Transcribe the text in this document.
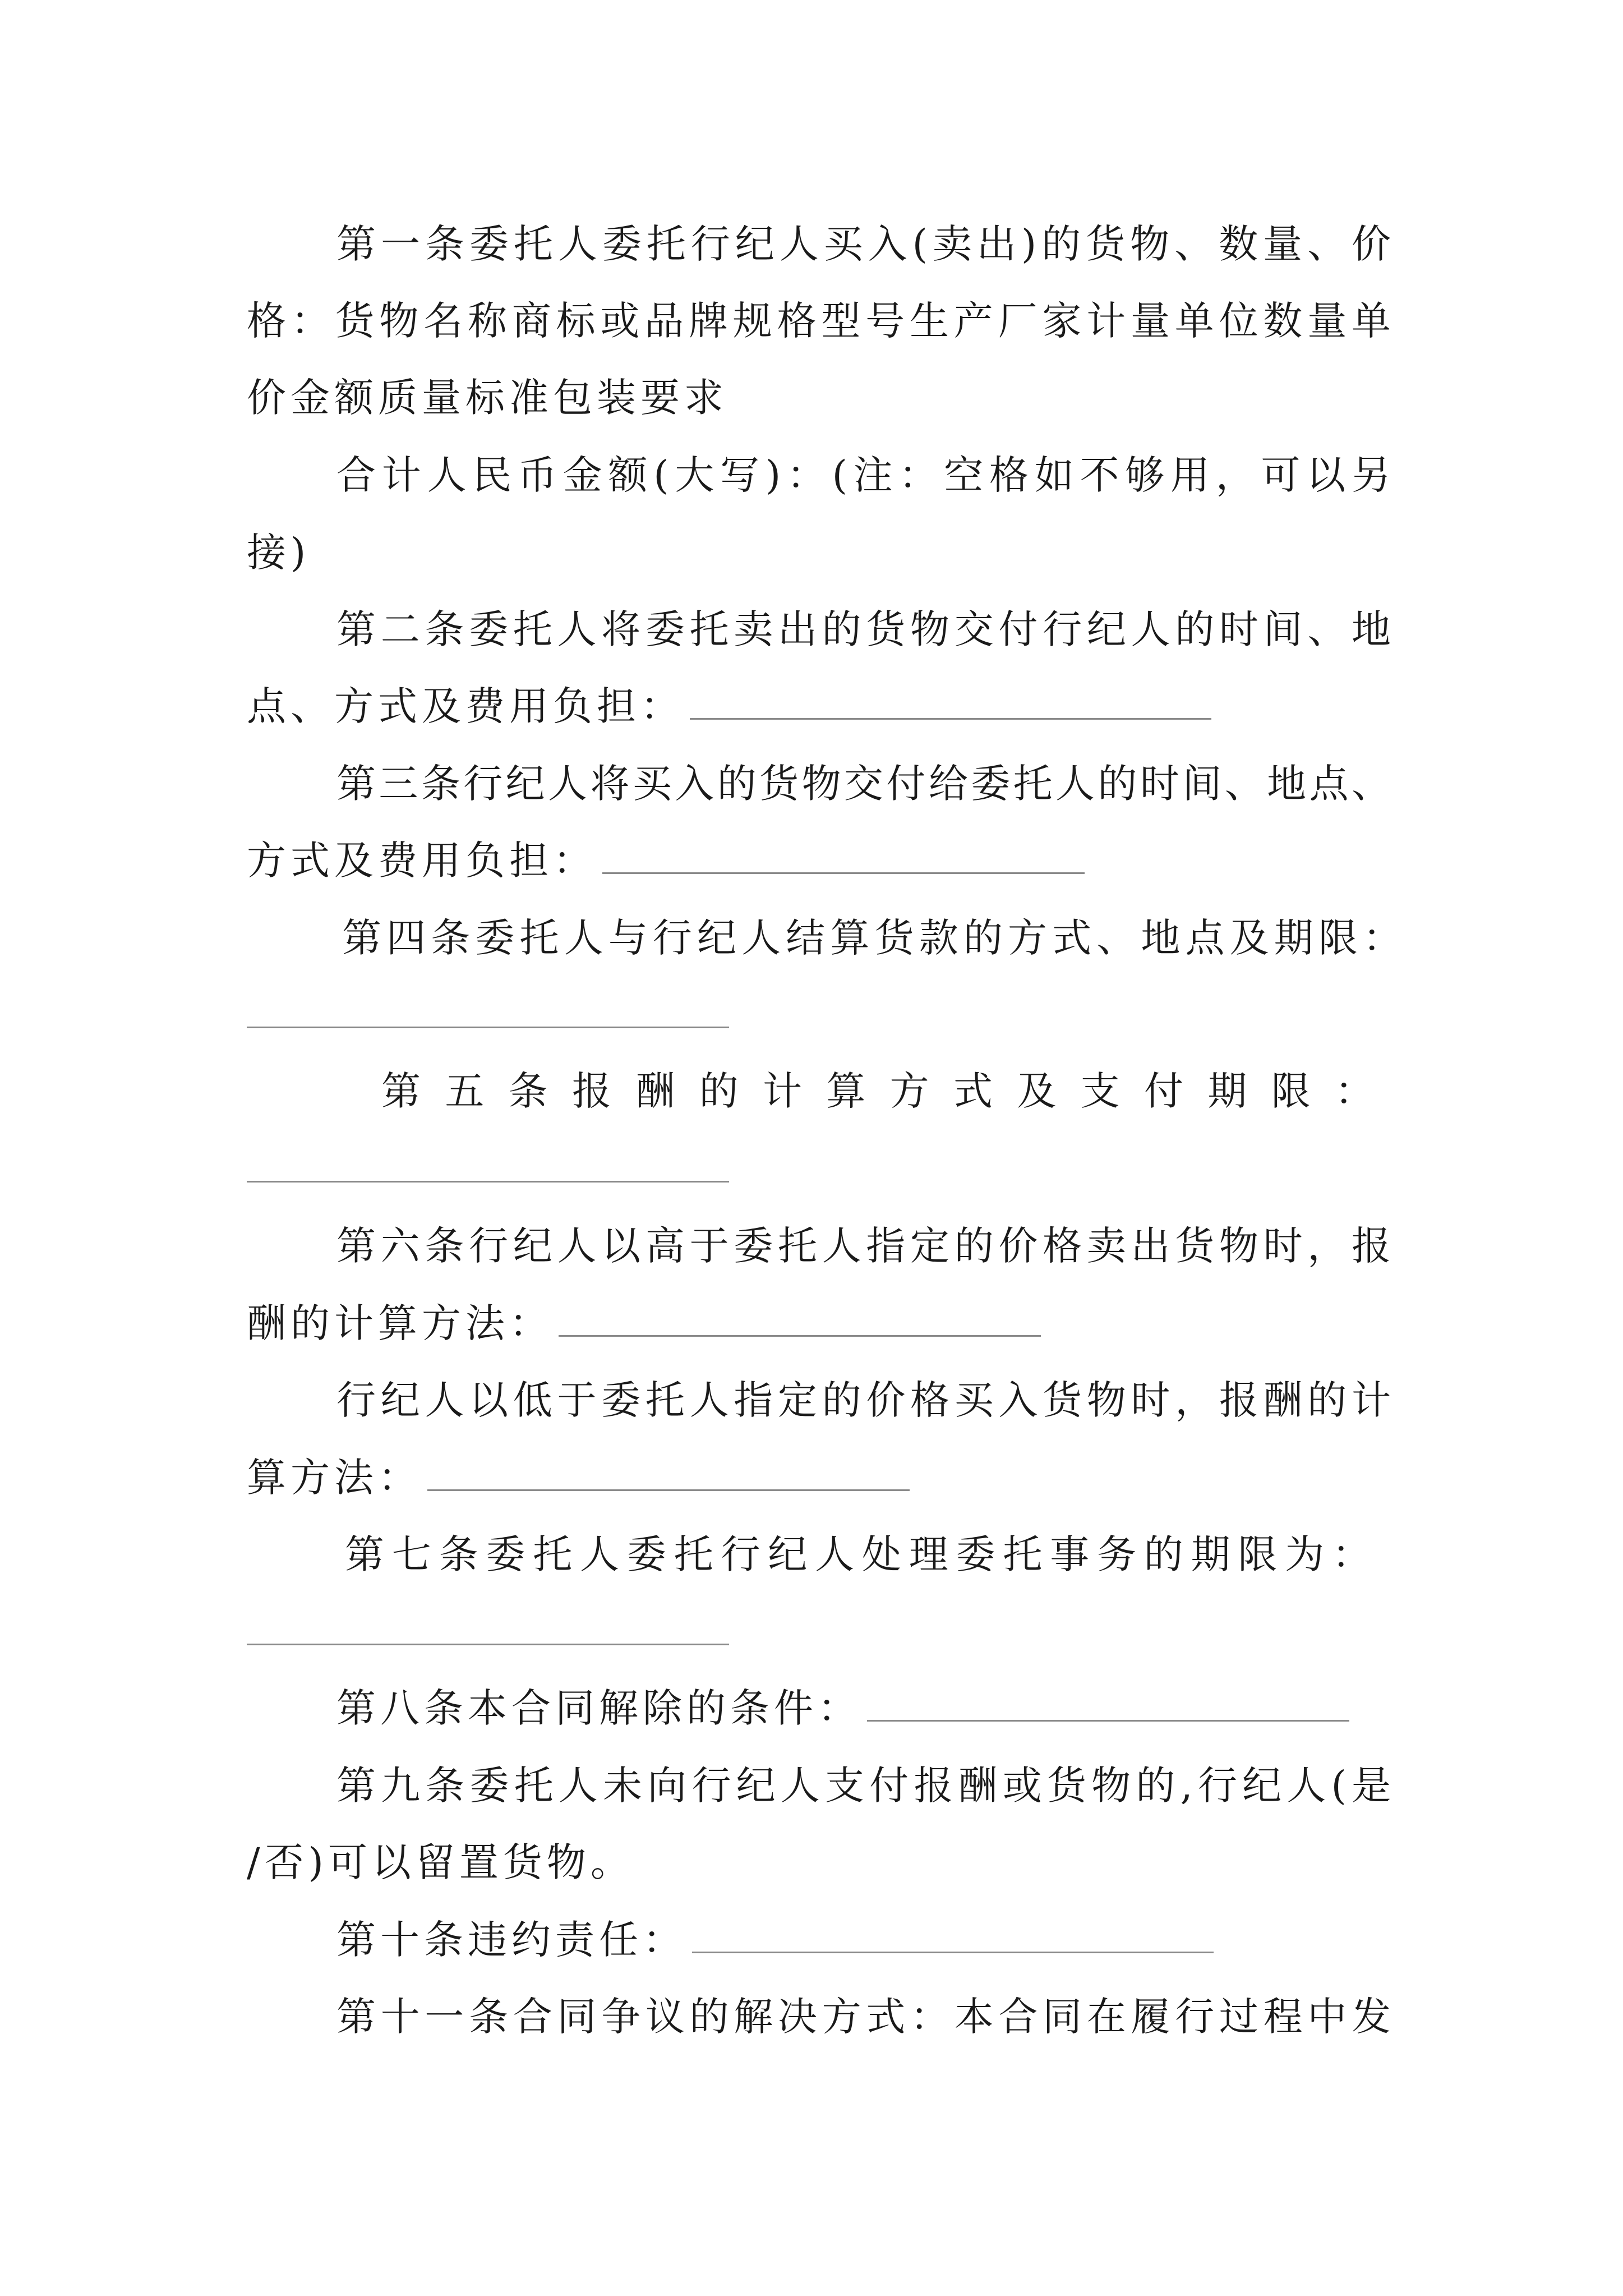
第一条委托人委托行纪人买入(卖出)的货物、数量、价
格：货物名称商标或品牌规格型号生产厂家计量单位数量单
价金额质量标准包装要求
合计人民币金额(大写)：(注：空格如不够用，可以另
接)
第二条委托人将委托卖出的货物交付行纪人的时间、地
点、方式及费用负担：
第三条行纪人将买入的货物交付给委托人的时间、地点、
方式及费用负担：
第四条委托人与行纪人结算货款的方式、地点及期限：
第五条报酬的计算方式及支付期限：
第六条行纪人以高于委托人指定的价格卖出货物时，报
酬的计算方法：
行纪人以低于委托人指定的价格买入货物时，报酬的计
算方法：
第七条委托人委托行纪人处理委托事务的期限为：
第八条本合同解除的条件：
第九条委托人未向行纪人支付报酬或货物的,行纪人(是
/否)可以留置货物。
第十条违约责任：
第十一条合同争议的解决方式：本合同在履行过程中发
